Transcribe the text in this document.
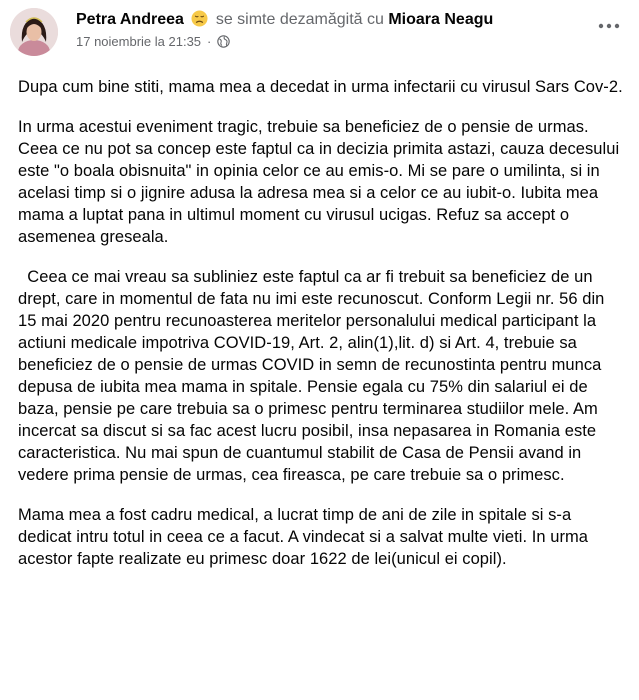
Petra Andreea se simte dezamăgită cu Mioara Neagu
17 noiembrie la 21:35 ·

Dupa cum bine stiti, mama mea a decedat in urma infectarii cu virusul Sars Cov-2.

In urma acestui eveniment tragic, trebuie sa beneficiez de o pensie de urmas. Ceea ce nu pot sa concep este faptul ca in decizia primita astazi, cauza decesului este "o boala obisnuita" in opinia celor ce au emis-o. Mi se pare o umilinta, si in acelasi timp si o jignire adusa la adresa mea si a celor ce au iubit-o. Iubita mea mama a luptat pana in ultimul moment cu virusul ucigas. Refuz sa accept o asemenea greseala.

Ceea ce mai vreau sa subliniez este faptul ca ar fi trebuit sa beneficiez de un drept, care in momentul de fata nu imi este recunoscut. Conform Legii nr. 56 din 15 mai 2020 pentru recunoasterea meritelor personalului medical participant la actiuni medicale impotriva COVID-19, Art. 2, alin(1),lit. d) si Art. 4, trebuie sa beneficiez de o pensie de urmas COVID in semn de recunostinta pentru munca depusa de iubita mea mama in spitale. Pensie egala cu 75% din salariul ei de baza, pensie pe care trebuia sa o primesc pentru terminarea studiilor mele. Am incercat sa discut si sa fac acest lucru posibil, insa nepasarea in Romania este caracteristica. Nu mai spun de cuantumul stabilit de Casa de Pensii avand in vedere prima pensie de urmas, cea fireasca, pe care trebuie sa o primesc.

Mama mea a fost cadru medical, a lucrat timp de ani de zile in spitale si s-a dedicat intru totul in ceea ce a facut. A vindecat si a salvat multe vieti. In urma acestor fapte realizate eu primesc doar 1622 de lei(unicul ei copil).
